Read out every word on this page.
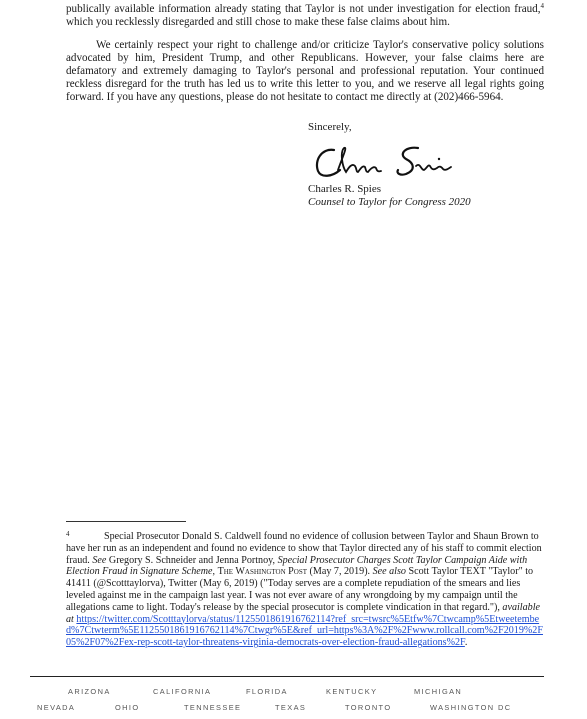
publically available information already stating that Taylor is not under investigation for election fraud,$^4$ which you recklessly disregarded and still chose to make these false claims about him.
We certainly respect your right to challenge and/or criticize Taylor's conservative policy solutions advocated by him, President Trump, and other Republicans. However, your false claims here are defamatory and extremely damaging to Taylor's personal and professional reputation. Your continued reckless disregard for the truth has led us to write this letter to you, and we reserve all legal rights going forward. If you have any questions, please do not hesitate to contact me directly at (202)466-5964.
Sincerely,
Charles R. Spies
Counsel to Taylor for Congress 2020
4	Special Prosecutor Donald S. Caldwell found no evidence of collusion between Taylor and Shaun Brown to have her run as an independent and found no evidence to show that Taylor directed any of his staff to commit election fraud. See Gregory S. Schneider and Jenna Portnoy, Special Prosecutor Charges Scott Taylor Campaign Aide with Election Fraud in Signature Scheme, The Washington Post (May 7, 2019). See also Scott Taylor TEXT "Taylor" to 41411 (@Scotttaylorva), Twitter (May 6, 2019) ("Today serves are a complete repudiation of the smears and lies leveled against me in the campaign last year. I was not ever aware of any wrongdoing by my campaign until the allegations came to light. Today's release by the special prosecutor is complete vindication in that regard."), available at https://twitter.com/Scotttaylorva/status/1125501861916762114?ref_src=twsrc%5Etfw%7Ctwcamp%5Etweetembed%7Ctwterm%5E1125501861916762114%7Ctwgr%5E&ref_url=https%3A%2F%2Fwww.rollcall.com%2F2019%2F05%2F07%2Fex-rep-scott-taylor-threatens-virginia-democrats-over-election-fraud-allegations%2F.
ARIZONA	CALIFORNIA	FLORIDA	KENTUCKY	MICHIGAN
NEVADA	OHIO	TENNESSEE	TEXAS	TORONTO	WASHINGTON DC
